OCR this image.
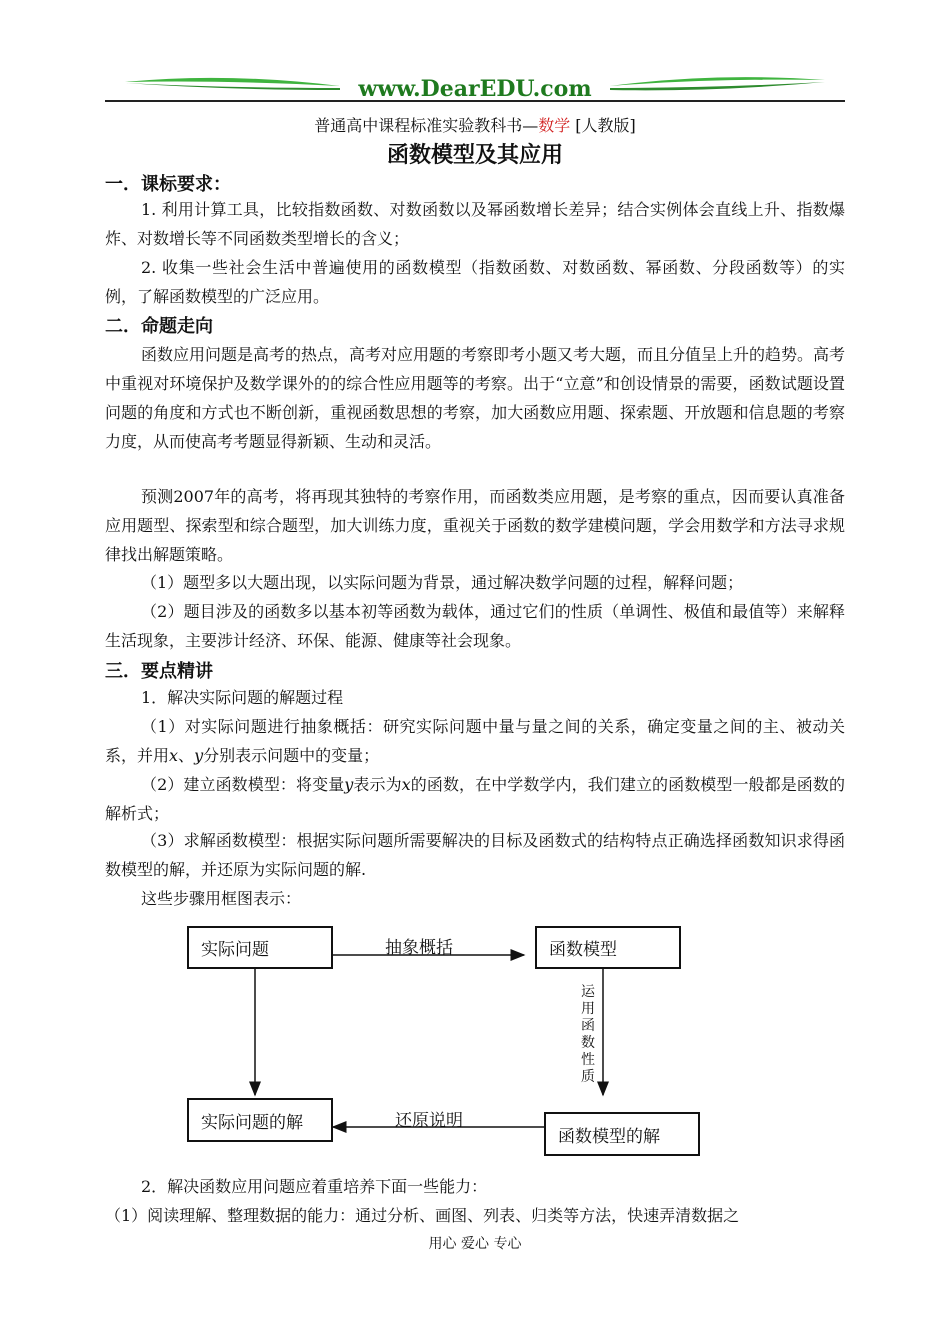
www.DearEDU.com
普通高中课程标准实验教科书—数学 [人教版]
函数模型及其应用
一．课标要求：
1. 利用计算工具，比较指数函数、对数函数以及幂函数增长差异；结合实例体会直线上升、指数爆炸、对数增长等不同函数类型增长的含义；
2. 收集一些社会生活中普遍使用的函数模型（指数函数、对数函数、幂函数、分段函数等）的实例，了解函数模型的广泛应用。
二．命题走向
函数应用问题是高考的热点，高考对应用题的考察即考小题又考大题，而且分值呈上升的趋势。高考中重视对环境保护及数学课外的的综合性应用题等的考察。出于“立意”和创设情景的需要，函数试题设置问题的角度和方式也不断创新，重视函数思想的考察，加大函数应用题、探索题、开放题和信息题的考察力度，从而使高考考题显得新颖、生动和灵活。
预测2007年的高考，将再现其独特的考察作用，而函数类应用题，是考察的重点，因而要认真准备应用题型、探索型和综合题型，加大训练力度，重视关于函数的数学建模问题，学会用数学和方法寻求规律找出解题策略。
（1）题型多以大题出现，以实际问题为背景，通过解决数学问题的过程，解释问题；
（2）题目涉及的函数多以基本初等函数为载体，通过它们的性质（单调性、极值和最值等）来解释生活现象，主要涉计经济、环保、能源、健康等社会现象。
三．要点精讲
1．解决实际问题的解题过程
（1）对实际问题进行抽象概括：研究实际问题中量与量之间的关系，确定变量之间的主、被动关系，并用x、y分别表示问题中的变量；
（2）建立函数模型：将变量y表示为x的函数，在中学数学内，我们建立的函数模型一般都是函数的解析式；
（3）求解函数模型：根据实际问题所需要解决的目标及函数式的结构特点正确选择函数知识求得函数模型的解，并还原为实际问题的解.
这些步骤用框图表示：
实际问题	函数模型
实际问题的解
函数模型的解
抽象概括
运
用
函
数
性
质
还原说明
2．解决函数应用问题应着重培养下面一些能力：
（1）阅读理解、整理数据的能力：通过分析、画图、列表、归类等方法，快速弄清数据之
用心 爱心 专心
